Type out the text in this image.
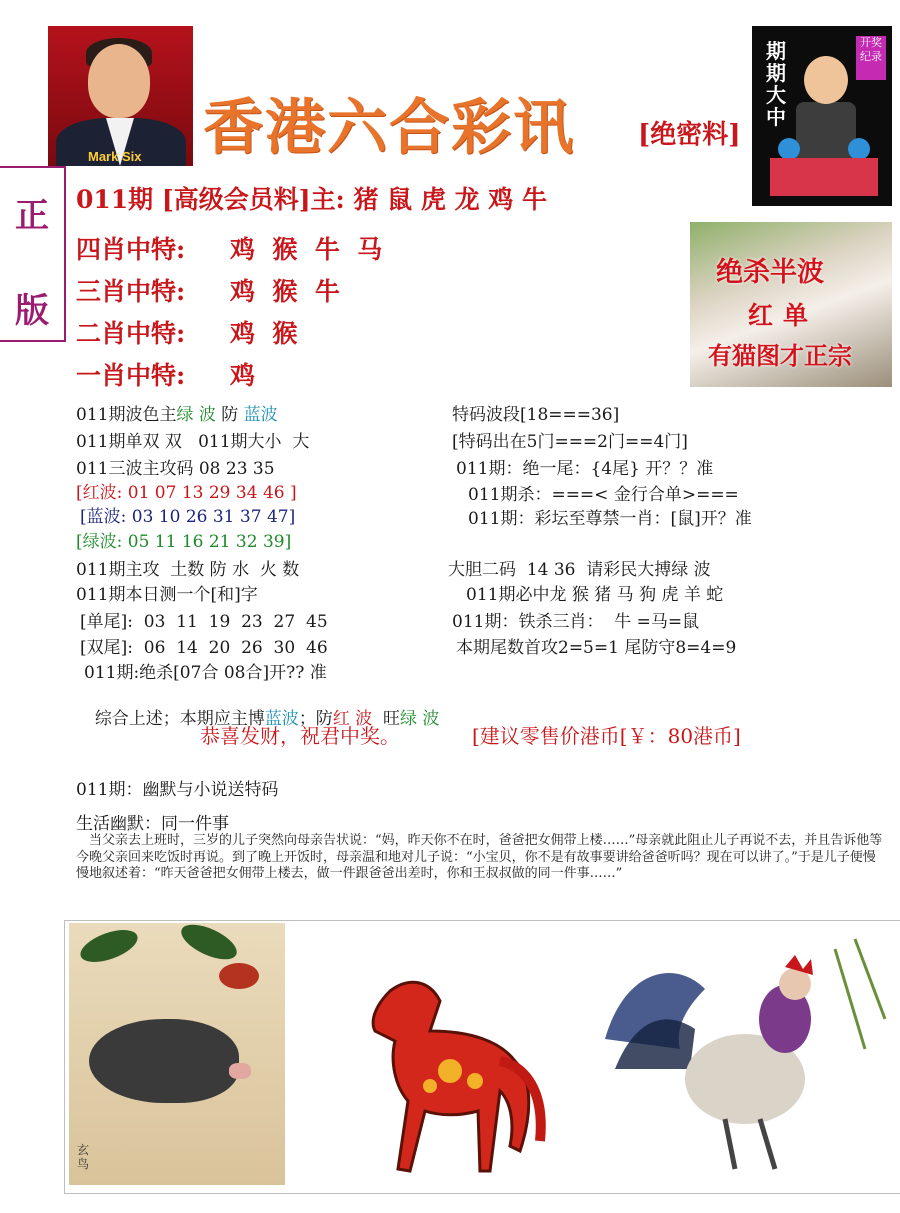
Mark Six 香港六合彩讯 [绝密料]
期期大中
开奖纪录
正
版
绝杀半波
红单
有猫图才正宗
011期 [高级会员料]主: 猪 鼠 虎 龙 鸡 牛
四肖中特: 鸡  猴  牛  马
三肖中特: 鸡  猴  牛
二肖中特: 鸡  猴
一肖中特: 鸡
011期波色主绿 波 防 蓝波
011期单双 双   011期大小  大
011三波主攻码 08 23 35
[红波: 01 07 13 29 34 46 ]
[蓝波: 03 10 26 31 37 47]
[绿波: 05 11 16 21 32 39]
011期主攻  土数 防 水  火 数
011期本日测一个[和]字
[单尾]:  03  11  19  23  27  45
[双尾]:  06  14  20  26  30  46
011期:绝杀[07合 08合]开?? 准

综合上述；本期应主博蓝波；防红 波  旺绿 波

特码波段[18===36]
[特码出在5门===2门==4门]
011期：绝一尾：{4尾} 开？？准
011期杀：===< 金行合单>===
011期：彩坛至尊禁一肖：[鼠]开？准
大胆二码  14 36  请彩民大搏绿 波
011期必中龙 猴 猪 马 狗 虎 羊 蛇
011期：铁杀三肖：  牛 =马=鼠
本期尾数首攻2=5=1 尾防守8=4=9
恭喜发财，祝君中奖。	[建议零售价港币[￥：80港币]
011期：幽默与小说送特码
生活幽默：同一件事
当父亲去上班时，三岁的儿子突然向母亲告状说：“妈，昨天你不在时，爸爸把女佣带上楼……”母亲就此阻止儿子再说不去，并且告诉他等今晚父亲回来吃饭时再说。到了晚上开饭时，母亲温和地对儿子说：“小宝贝，你不是有故事要讲给爸爸听吗？现在可以讲了。”于是儿子便慢慢地叙述着：“昨天爸爸把女佣带上楼去，做一件跟爸爸出差时，你和王叔叔做的同一件事……”
玄鸟
